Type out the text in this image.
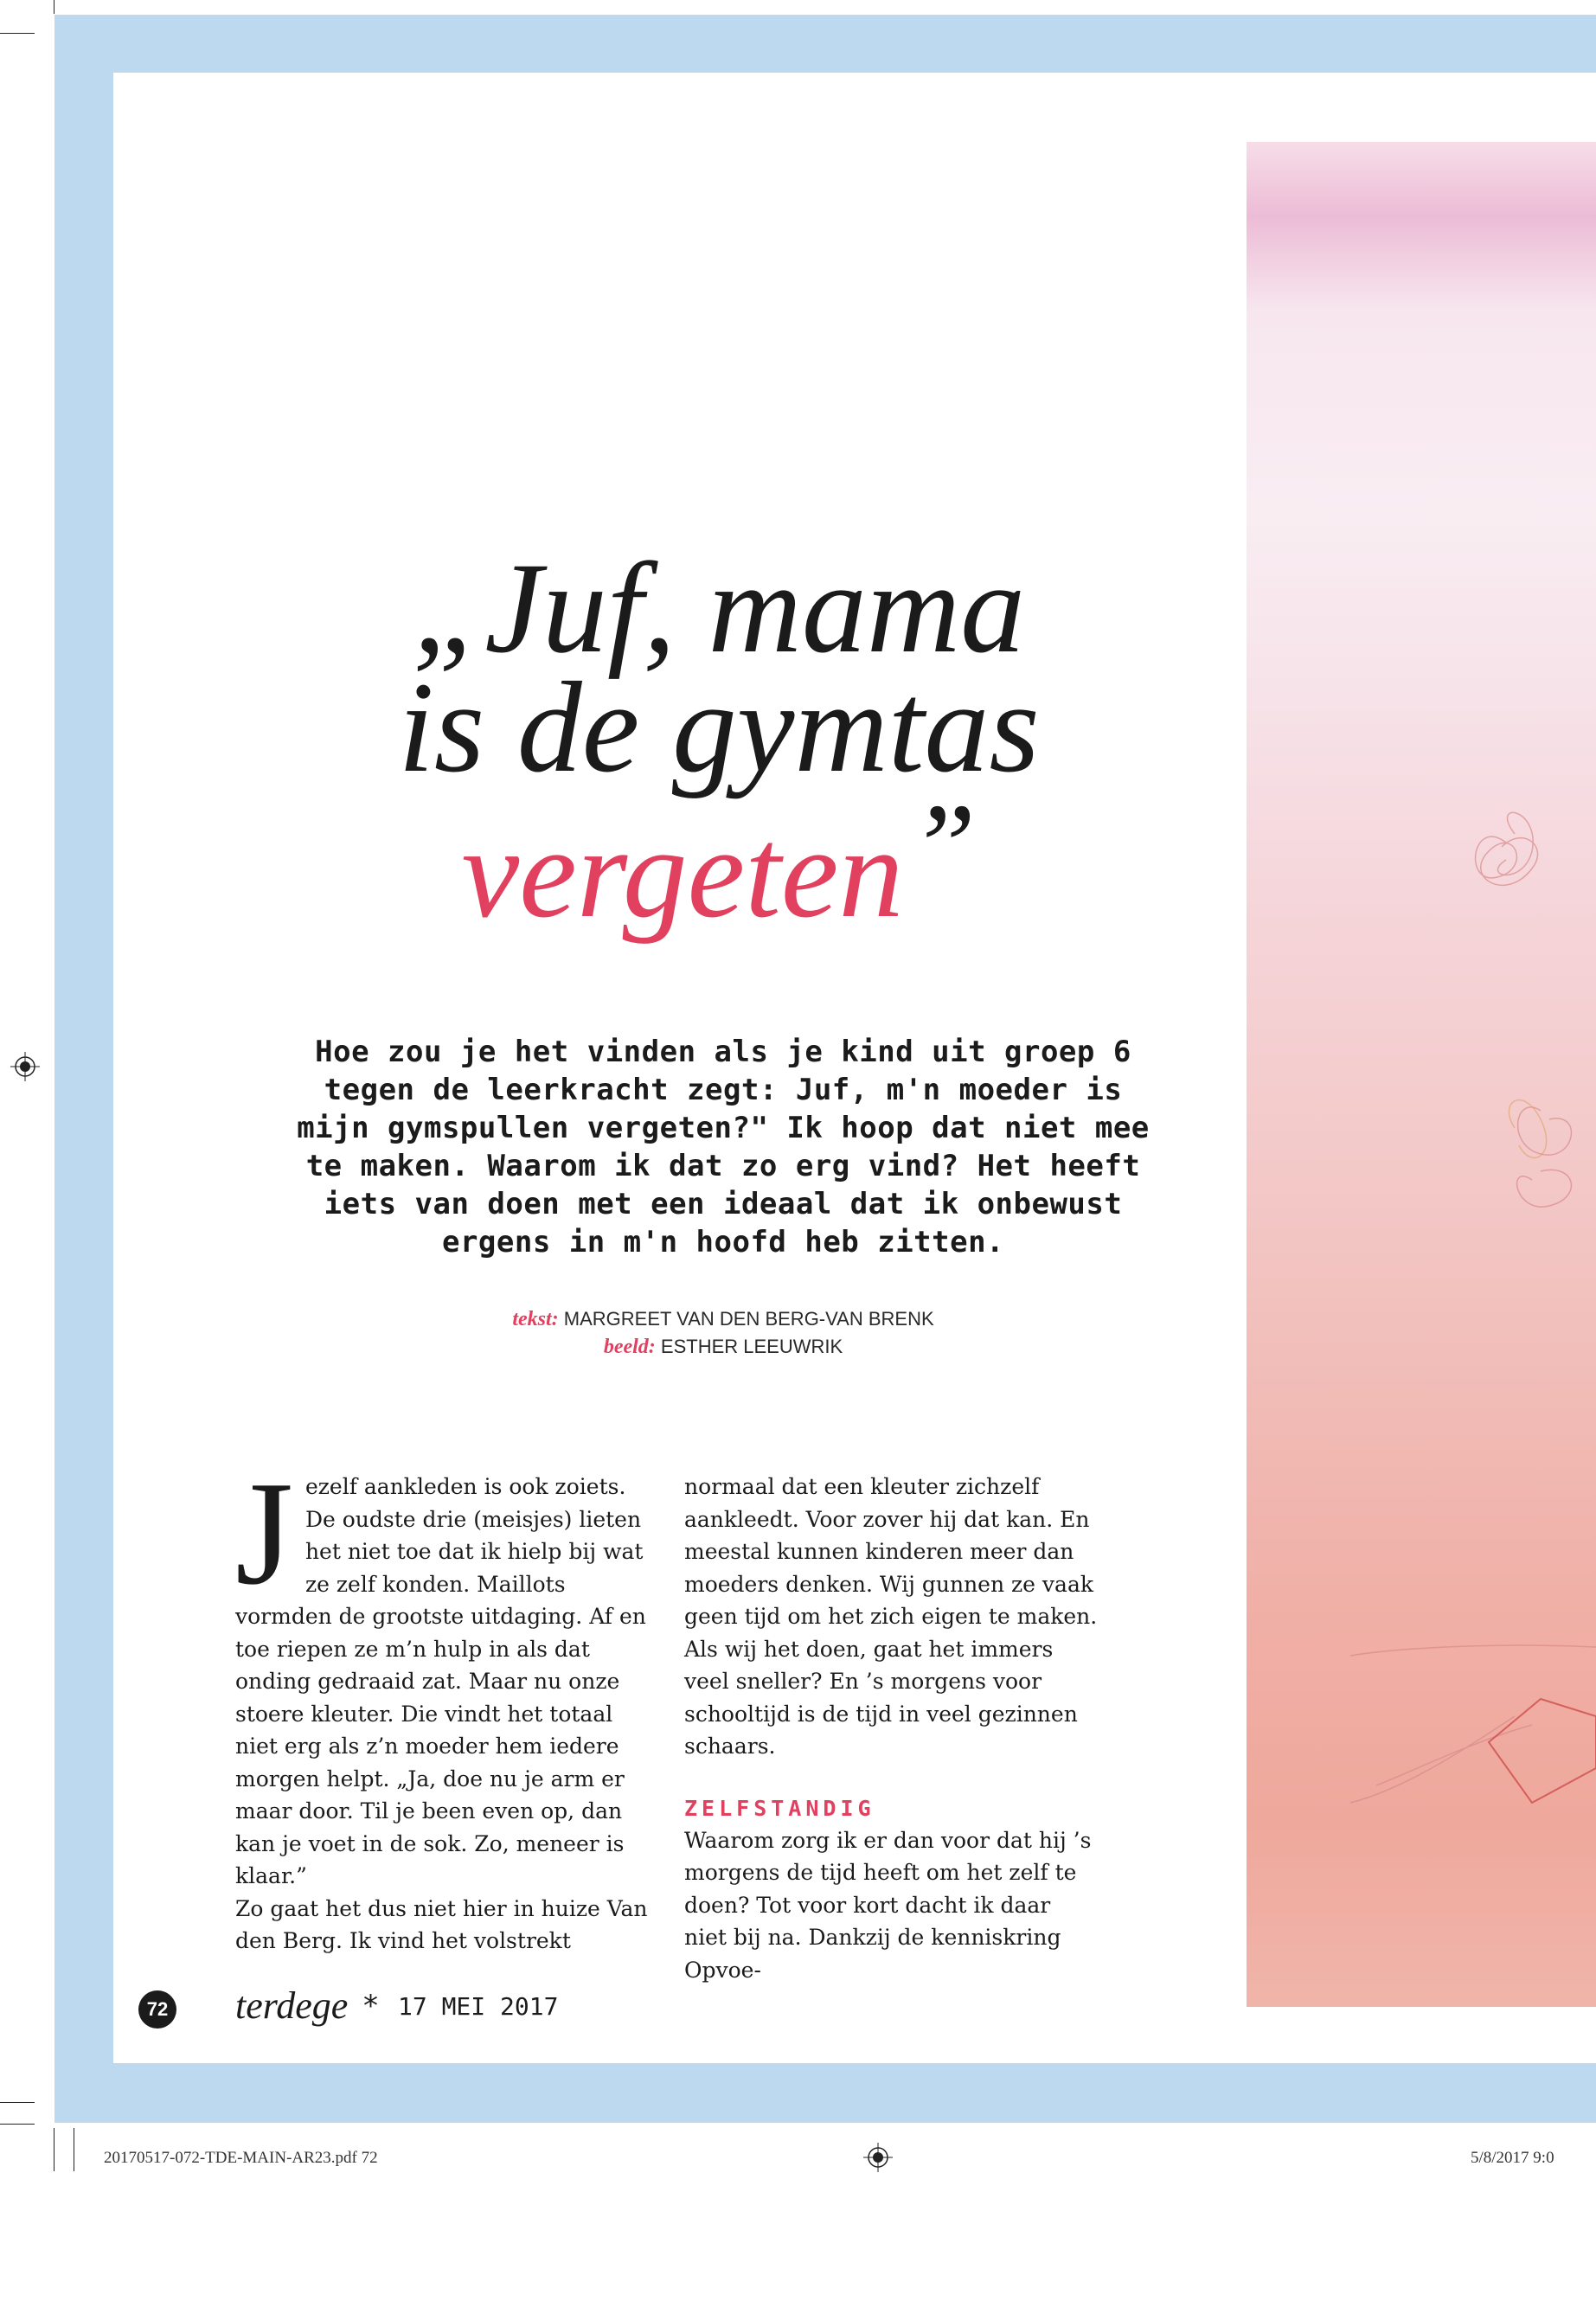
„Juf, mama
is de gymtas
vergeten”
Hoe zou je het vinden als je kind uit groep 6 tegen de leerkracht zegt: Juf, m'n moeder is mijn gymspullen vergeten?" Ik hoop dat niet mee te maken. Waarom ik dat zo erg vind? Het heeft iets van doen met een ideaal dat ik onbewust ergens in m'n hoofd heb zitten.
tekst: MARGREET VAN DEN BERG-VAN BRENK
beeld: ESTHER LEEUWRIK
J ezelf aankleden is ook zoiets. De oudste drie (meisjes) lieten het niet toe dat ik hielp bij wat ze zelf konden. Maillots vormden de grootste uitdaging. Af en toe riepen ze m’n hulp in als dat onding gedraaid zat. Maar nu onze stoere kleuter. Die vindt het totaal niet erg als z’n moeder hem iedere morgen helpt. „Ja, doe nu je arm er maar door. Til je been even op, dan kan je voet in de sok. Zo, meneer is klaar.”

Zo gaat het dus niet hier in huize Van den Berg. Ik vind het volstrekt

normaal dat een kleuter zichzelf aankleedt. Voor zover hij dat kan. En meestal kunnen kinderen meer dan moeders denken. Wij gunnen ze vaak geen tijd om het zich eigen te maken. Als wij het doen, gaat het immers veel sneller? En ’s morgens voor schooltijd is de tijd in veel gezinnen schaars.

ZELFSTANDIG

Waarom zorg ik er dan voor dat hij ’s morgens de tijd heeft om het zelf te doen? Tot voor kort dacht ik daar niet bij na. Dankzij de kenniskring Opvoe-

72 terdege * 17 MEI 2017
20170517-072-TDE-MAIN-AR23.pdf 72	5/8/2017 9:0
